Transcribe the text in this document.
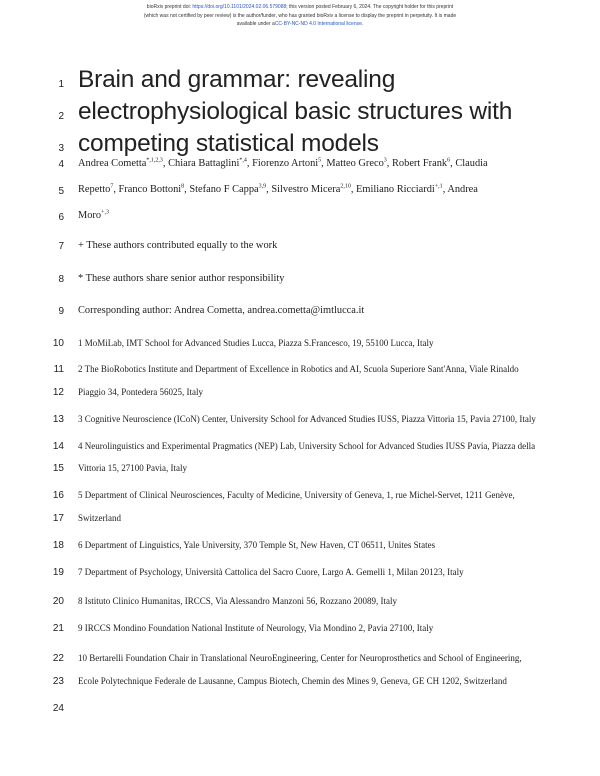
bioRxiv preprint doi: https://doi.org/10.1101/2024.02.06.579088; this version posted February 6, 2024. The copyright holder for this preprint
(which was not certified by peer review) is the author/funder, who has granted bioRxiv a license to display the preprint in perpetuity. It is made
available under aCC-BY-NC-ND 4.0 International license.
1
2
3
4
5
6
7
8
9
10
11
12
13
14
15
16
17
18
19
20
21
22
23
24
Brain and grammar: revealing
electrophysiological basic structures with
competing statistical models
Andrea Cometta$^{*,1,2,3}$, Chiara Battaglini$^{*,4}$, Fiorenzo Artoni$^5$, Matteo Greco$^3$, Robert Frank$^6$, Claudia
Repetto$^7$, Franco Bottoni$^8$, Stefano F Cappa$^{3,9}$, Silvestro Micera$^{2,10}$, Emiliano Ricciardi$^{+,1}$, Andrea
Moro$^{+,3}$
+ These authors contributed equally to the work
* These authors share senior author responsibility
Corresponding author: Andrea Cometta, andrea.cometta@imtlucca.it
1 MoMiLab, IMT School for Advanced Studies Lucca, Piazza S.Francesco, 19, 55100 Lucca, Italy
2 The BioRobotics Institute and Department of Excellence in Robotics and AI, Scuola Superiore Sant'Anna, Viale Rinaldo
Piaggio 34, Pontedera 56025, Italy
3 Cognitive Neuroscience (ICoN) Center, University School for Advanced Studies IUSS, Piazza Vittoria 15, Pavia 27100, Italy
4 Neurolinguistics and Experimental Pragmatics (NEP) Lab, University School for Advanced Studies IUSS Pavia, Piazza della
Vittoria 15, 27100 Pavia, Italy
5 Department of Clinical Neurosciences, Faculty of Medicine, University of Geneva, 1, rue Michel-Servet, 1211 Genève,
Switzerland
6 Department of Linguistics, Yale University, 370 Temple St, New Haven, CT 06511, Unites States
7 Department of Psychology, Università Cattolica del Sacro Cuore, Largo A. Gemelli 1, Milan 20123, Italy
8 Istituto Clinico Humanitas, IRCCS, Via Alessandro Manzoni 56, Rozzano 20089, Italy
9 IRCCS Mondino Foundation National Institute of Neurology, Via Mondino 2, Pavia 27100, Italy
10 Bertarelli Foundation Chair in Translational NeuroEngineering, Center for Neuroprosthetics and School of Engineering,
Ecole Polytechnique Federale de Lausanne, Campus Biotech, Chemin des Mines 9, Geneva, GE CH 1202, Switzerland
